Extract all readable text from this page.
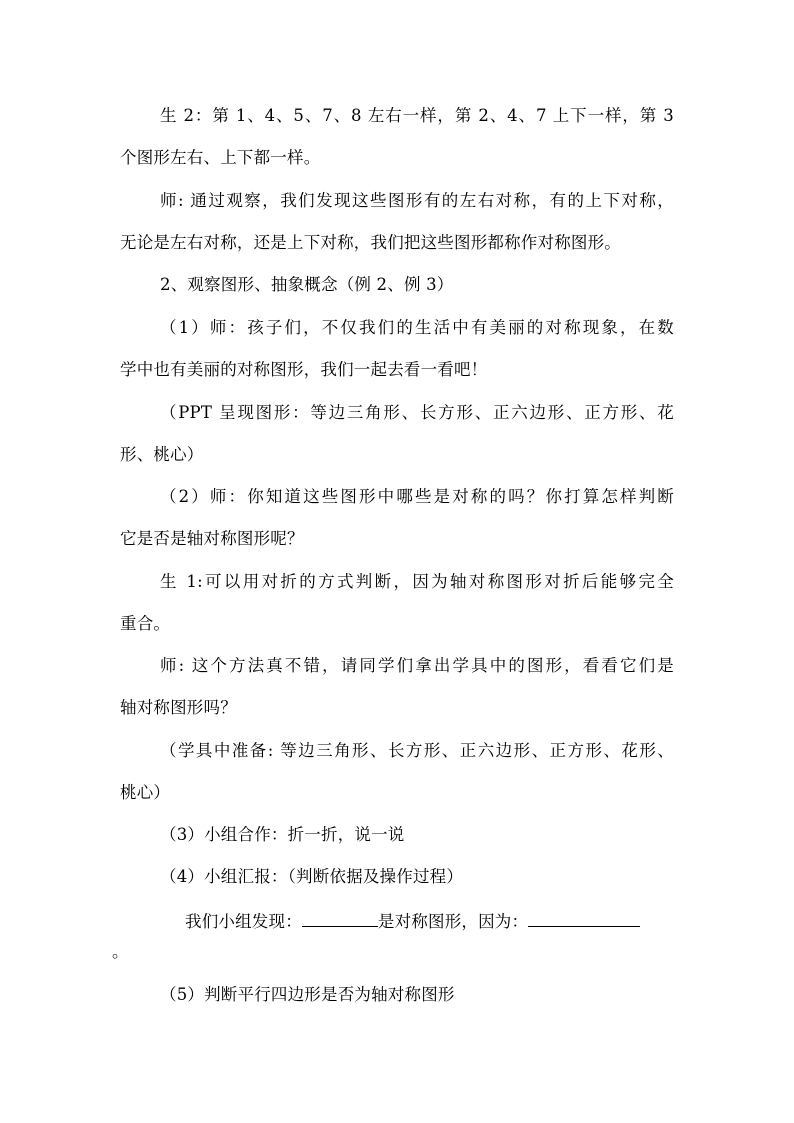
生 2：第 1、4、5、7、8 左右一样，第 2、4、7 上下一样，第 3
个图形左右、上下都一样。
师: 通过观察，我们发现这些图形有的左右对称，有的上下对称，
无论是左右对称，还是上下对称，我们把这些图形都称作对称图形。
2、观察图形、抽象概念（例 2、例 3）
（1）师：孩子们，不仅我们的生活中有美丽的对称现象，在数
学中也有美丽的对称图形，我们一起去看一看吧！
（PPT 呈现图形：等边三角形、长方形、正六边形、正方形、花
形、桃心）
（2）师：你知道这些图形中哪些是对称的吗？你打算怎样判断
它是否是轴对称图形呢？
生 1:可以用对折的方式判断，因为轴对称图形对折后能够完全
重合。
师: 这个方法真不错，请同学们拿出学具中的图形，看看它们是
轴对称图形吗？
（学具中准备: 等边三角形、长方形、正六边形、正方形、花形、
桃心）
（3）小组合作：折一折，说一说
（4）小组汇报：（判断依据及操作过程）
我们小组发现：	是对称图形，因为：
。
（5）判断平行四边形是否为轴对称图形
